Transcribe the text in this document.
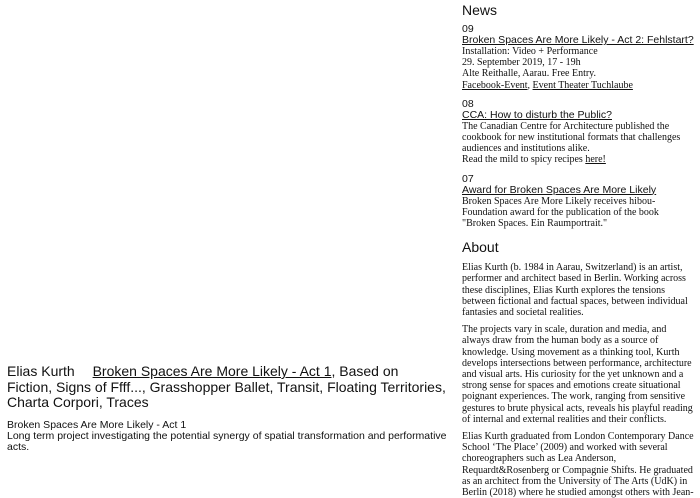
Elias Kurth Broken Spaces Are More Likely - Act 1, Based on Fiction, Signs of Ffff..., Grasshopper Ballet, Transit, Floating Territories, Charta Corpori, Traces
Broken Spaces Are More Likely - Act 1
Long term project investigating the potential synergy of spatial transformation and performative acts.
News
09
Broken Spaces Are More Likely - Act 2: Fehlstart?
Installation: Video + Performance
29. September 2019, 17 - 19h
Alte Reithalle, Aarau. Free Entry.
Facebook-Event, Event Theater Tuchlaube
08
CCA: How to disturb the Public?
The Canadian Centre for Architecture published the cookbook for new institutional formats that challenges audiences and institutions alike.
Read the mild to spicy recipes here!
07
Award for Broken Spaces Are More Likely
Broken Spaces Are More Likely receives hibou-Foundation award for the publication of the book "Broken Spaces. Ein Raumportrait."
About

Elias Kurth (b. 1984 in Aarau, Switzerland) is an artist, performer and architect based in Berlin. Working across these disciplines, Elias Kurth explores the tensions between fictional and factual spaces, between individual fantasies and societal realities.

The projects vary in scale, duration and media, and always draw from the human body as a source of knowledge. Using movement as a thinking tool, Kurth develops intersections between performance, architecture and visual arts. His curiosity for the yet unknown and a strong sense for spaces and emotions create situational poignant experiences. The work, ranging from sensitive gestures to brute physical acts, reveals his playful reading of internal and external realities and their conflicts.

Elias Kurth graduated from London Contemporary Dance School ‘The Place’ (2009) and worked with several choreographers such as Lea Anderson, Requardt&Rosenberg or Compagnie Shifts. He graduated as an architect from the University of The Arts (UdK) in Berlin (2018) where he studied amongst others with Jean-
